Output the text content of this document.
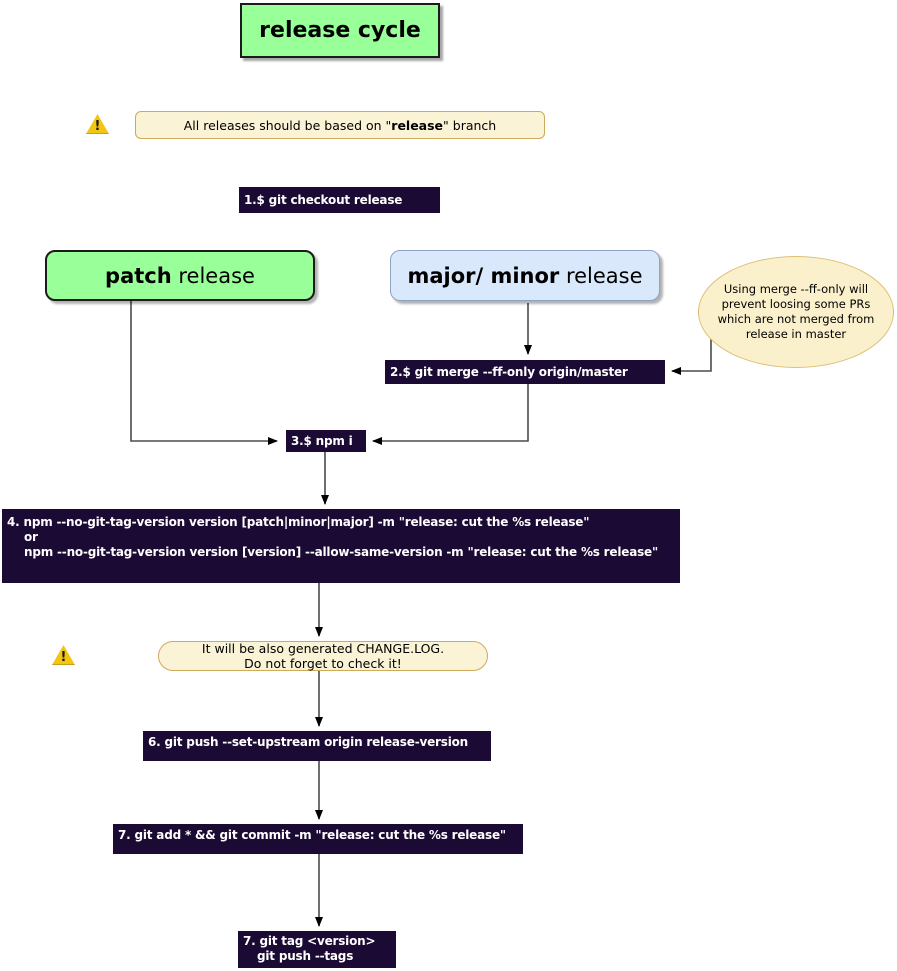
release cycle
!	All releases should be based on " release " branch
1.$ git checkout release
patch release	major/ minor release
Using merge --ff-only will prevent loosing some PRs which are not merged from release in master
2.$ git merge --ff-only origin/master
3.$ npm i
4. npm --no-git-tag-version version [patch|minor|major] -m "release: cut the %s release"
or
npm --no-git-tag-version version [version] --allow-same-version -m "release: cut the %s release"
!
It will be also generated CHANGE.LOG.
Do not forget to check it!
6. git push --set-upstream origin release-version
7. git add * && git commit -m "release: cut the %s release"
7. git tag <version>
git push --tags
